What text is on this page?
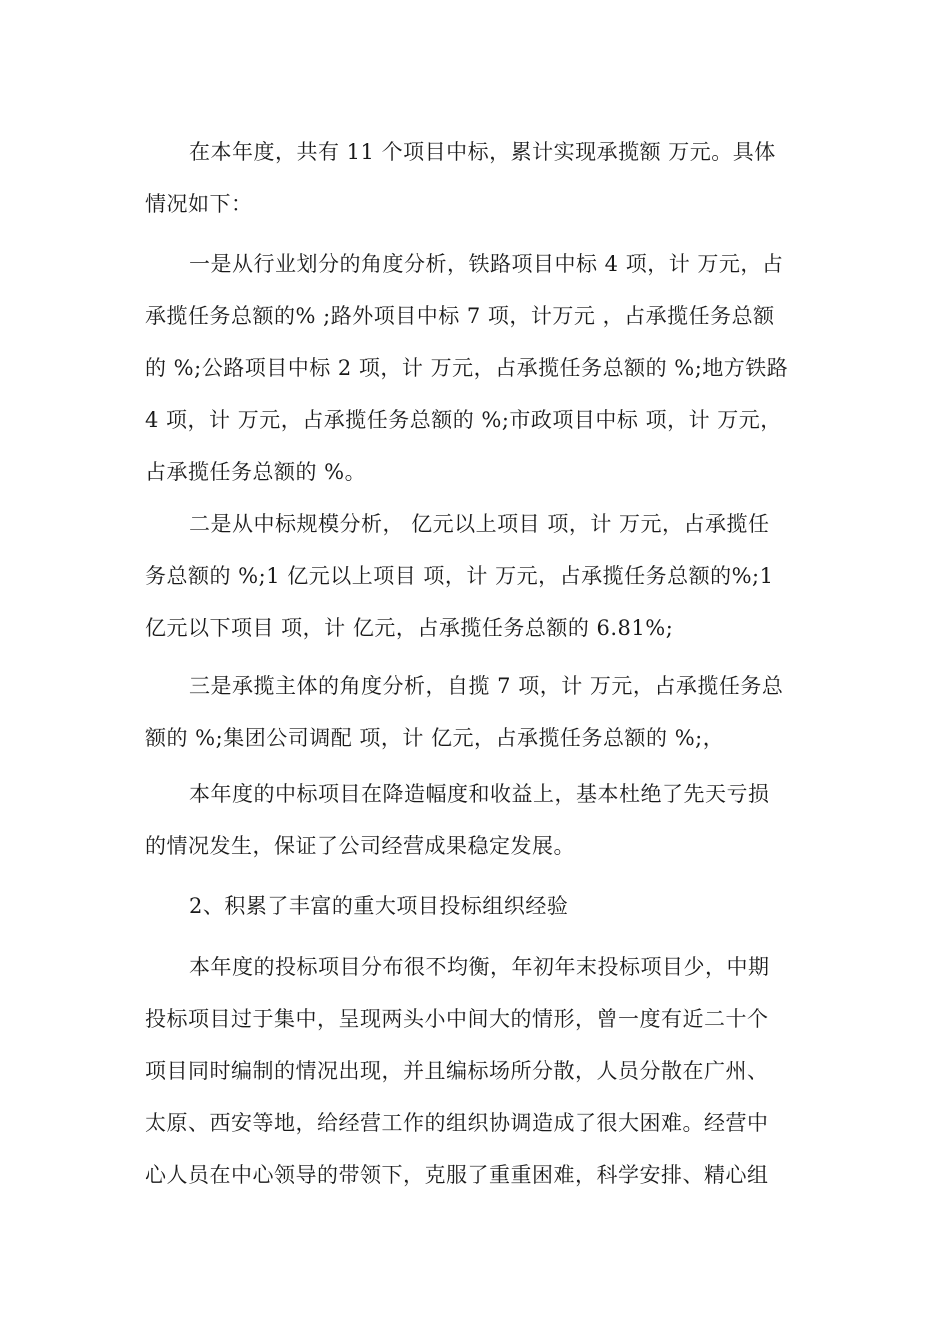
在本年度，共有 11 个项目中标，累计实现承揽额 万元。具体
情况如下：
一是从行业划分的角度分析，铁路项目中标 4 项，计 万元，占
承揽任务总额的% ;路外项目中标 7 项，计万元 ，占承揽任务总额
的 %;公路项目中标 2 项，计 万元，占承揽任务总额的 %;地方铁路
4 项，计 万元，占承揽任务总额的 %;市政项目中标 项，计 万元，
占承揽任务总额的 %。
二是从中标规模分析， 亿元以上项目 项，计 万元，占承揽任
务总额的 %;1 亿元以上项目 项，计 万元，占承揽任务总额的%;1
亿元以下项目 项，计 亿元，占承揽任务总额的 6.81%;
三是承揽主体的角度分析，自揽 7 项，计 万元，占承揽任务总
额的 %;集团公司调配 项，计 亿元，占承揽任务总额的 %;，
本年度的中标项目在降造幅度和收益上，基本杜绝了先天亏损
的情况发生，保证了公司经营成果稳定发展。
2、积累了丰富的重大项目投标组织经验
本年度的投标项目分布很不均衡，年初年末投标项目少，中期
投标项目过于集中，呈现两头小中间大的情形，曾一度有近二十个
项目同时编制的情况出现，并且编标场所分散，人员分散在广州、
太原、西安等地，给经营工作的组织协调造成了很大困难。经营中
心人员在中心领导的带领下，克服了重重困难，科学安排、精心组
